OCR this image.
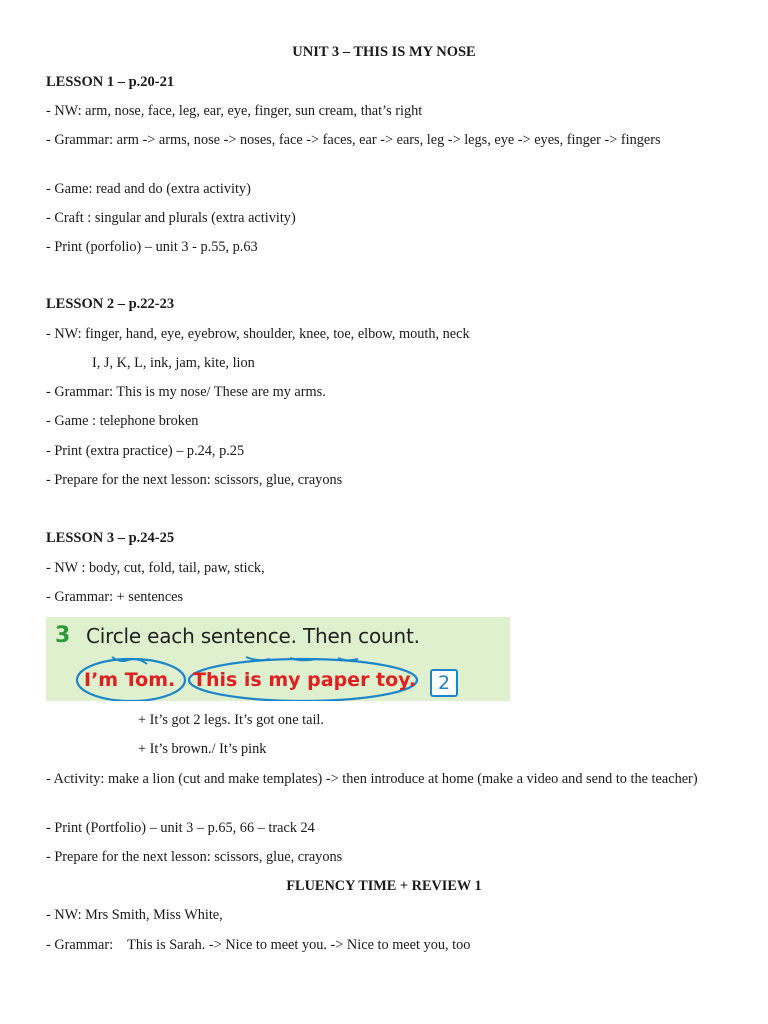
UNIT 3 – THIS IS MY NOSE
LESSON 1 – p.20-21
- NW: arm, nose, face, leg, ear, eye, finger, sun cream, that’s right
- Grammar: arm -> arms, nose -> noses, face -> faces, ear -> ears, leg -> legs, eye -> eyes, finger -> fingers
- Game: read and do (extra activity)
- Craft : singular and plurals (extra activity)
- Print (porfolio) – unit 3 - p.55, p.63
LESSON 2 – p.22-23
- NW: finger, hand, eye, eyebrow, shoulder, knee, toe, elbow, mouth, neck
I, J, K, L, ink, jam, kite, lion
- Grammar: This is my nose/ These are my arms.
- Game : telephone broken
- Print (extra practice) – p.24, p.25
- Prepare for the next lesson: scissors, glue, crayons
LESSON 3 – p.24-25
- NW : body, cut, fold, tail, paw, stick,
- Grammar: + sentences
3 Circle each sentence. Then count.
I’m Tom. This is my paper toy.	2
+ It’s got 2 legs. It’s got one tail.
+ It’s brown./ It’s pink
- Activity: make a lion (cut and make templates) -> then introduce at home (make a video and send to the teacher)
- Print (Portfolio) – unit 3 – p.65, 66 – track 24
- Prepare for the next lesson: scissors, glue, crayons
FLUENCY TIME + REVIEW 1
- NW: Mrs Smith, Miss White,
- Grammar:    This is Sarah. -> Nice to meet you. -> Nice to meet you, too
